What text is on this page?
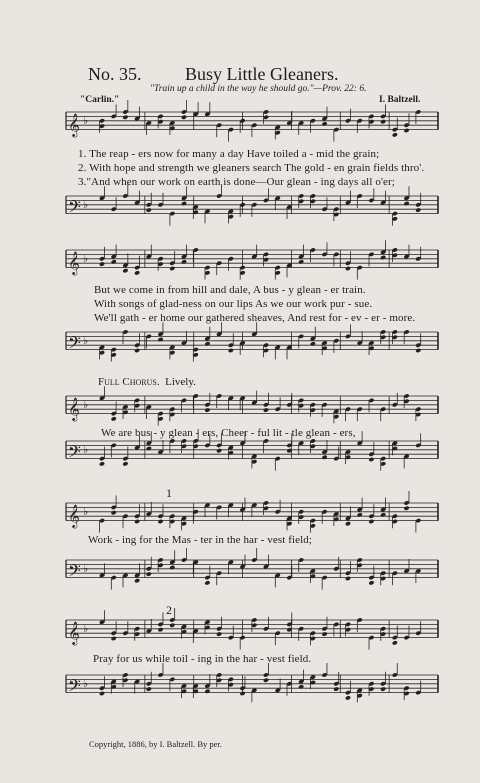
No. 35. Busy Little Gleaners.
"Train up a child in the way he should go."—Prov. 22: 6.
"Carlin."	I. Baltzell.
𝄞 ♭
1. The reap - ers now for many a day Have toiled a - mid the grain;
2. With hope and strength we gleaners search The gold - en grain fields thro'.
3."And when our work on earth is done—Our glean - ing days all o'er;
𝄢 ♭
𝄞 ♭
But we come in from hill and dale, A bus - y glean - er train.
With songs of glad-ness on our lips As we our work pur - sue.
We'll gath - er home our gathered sheaves, And rest for - ev - er - more.
𝄢 ♭
Full Chorus. Lively.
𝄞 ♭
We are bus - y glean - ers, Cheer - ful lit - tle glean - ers,
𝄢 ♭
1
𝄞 ♭
Work - ing for the Mas - ter in the har - vest field;
𝄢 ♭
2
𝄞 ♭
Pray for us while toil - ing in the har - vest field.
𝄢 ♭
Copyright, 1886, by I. Baltzell. By per.
